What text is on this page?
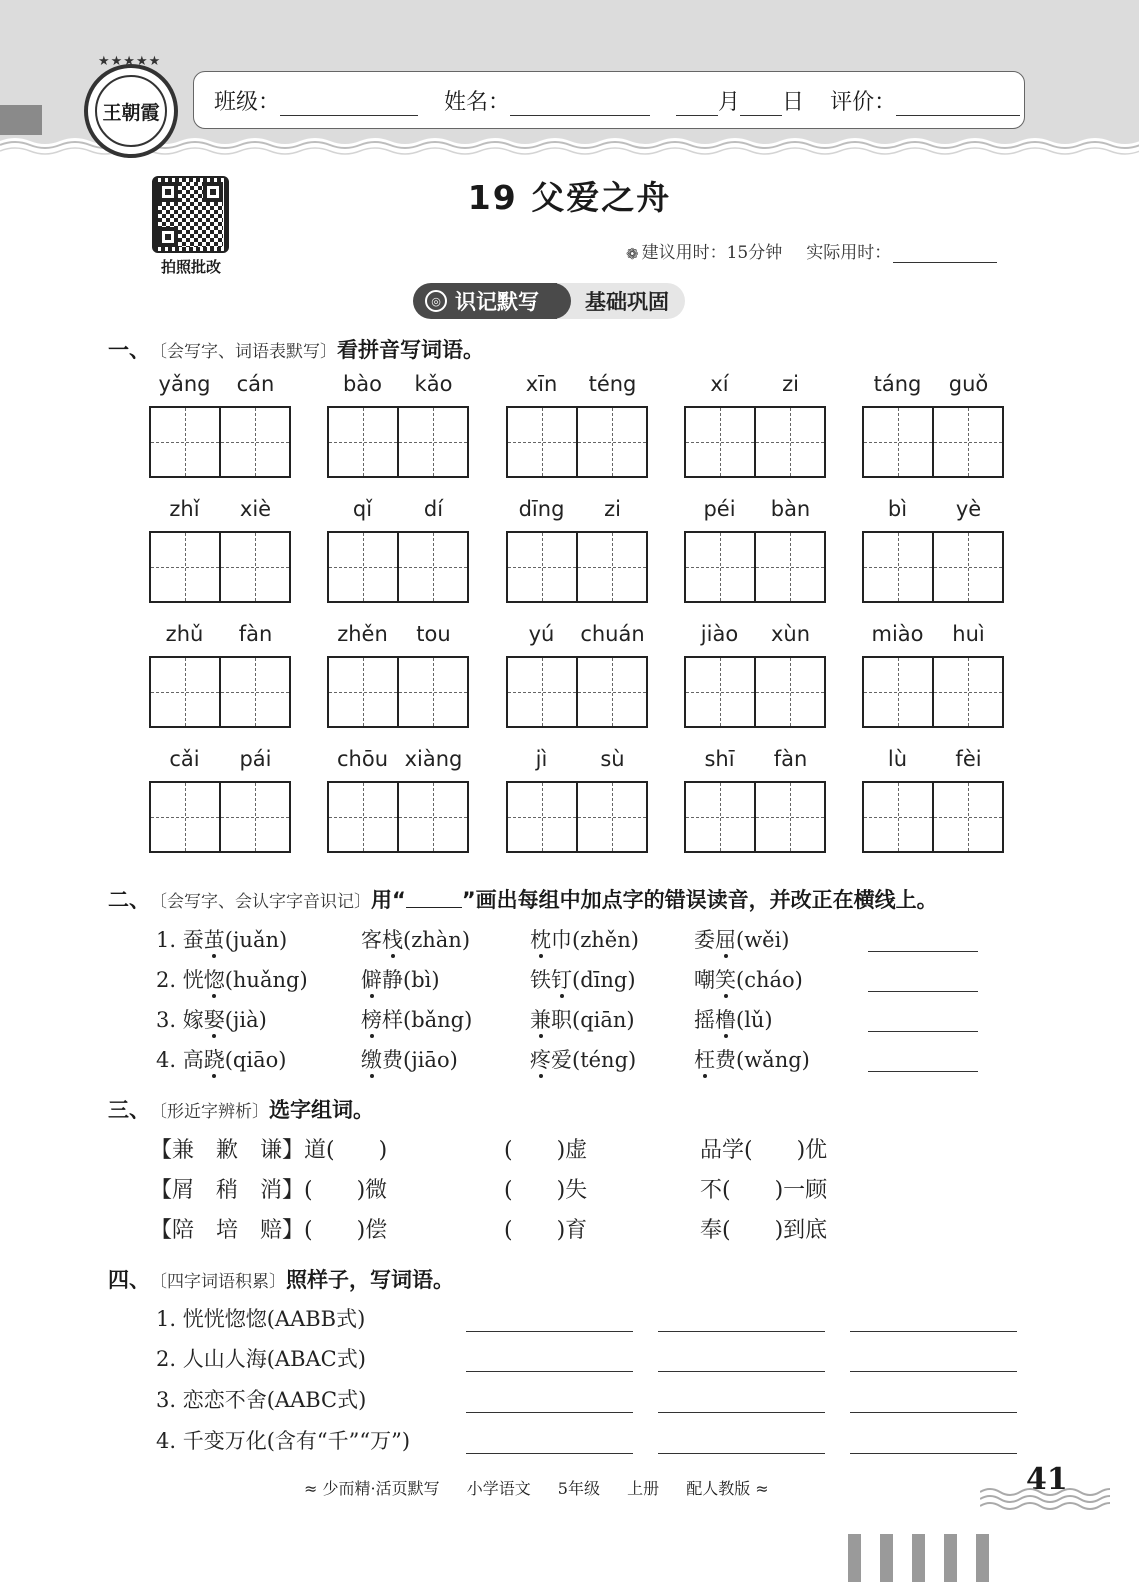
★★★★★
王朝霞	班级：	姓名：	月 日 评价：
拍照批改
19 父爱之舟
❁ 建议用时：15分钟 实际用时：
◎ 识记默写	基础巩固
一、 〔会写字、词语表默写〕 看拼音写词语。
yǎng	cán	bào	kǎo	xīn	téng	xí	zi	táng	guǒ
zhǐ	xiè	qǐ	dí	dīng	zi	péi	bàn	bì	yè
zhǔ	fàn	zhěn	tou	yú	chuán	jiào	xùn	miào	huì
cǎi	pái	chōu xiàng	jì	sù	shī	fàn	lù	fèi
二、 〔会写字、会认字字音识记〕 用“	”画出每组中加点字的错误读音，并改正在横线上。
1. 蚕茧(juǎn)	客栈(zhàn)	枕巾(zhěn)	委屈(wěi)
2. 恍惚(huǎng)	僻静(bì)	铁钉(dīng)	嘲笑(cháo)
3. 嫁娶(jià)	榜样(bǎng)	兼职(qiān)	摇橹(lǔ)
4. 高跷(qiāo)	缴费(jiāo)	疼爱(téng)	枉费(wǎng)
三、 〔形近字辨析〕 选字组词。
【兼　歉　谦】道(　　)	(　　)虚	品学(　　)优
【屑　稍　消】(　　)微	(　　)失	不(　　)一顾
【陪　培　赔】(　　)偿	(　　)育	奉(　　)到底
四、 〔四字词语积累〕 照样子，写词语。
1. 恍恍惚惚(AABB式)
2. 人山人海(ABAC式)
3. 恋恋不舍(AABC式)
4. 千变万化(含有“千”“万”)
≈ 少而精·活页默写 小学语文 5年级 上册 配人教版 ≈	41
